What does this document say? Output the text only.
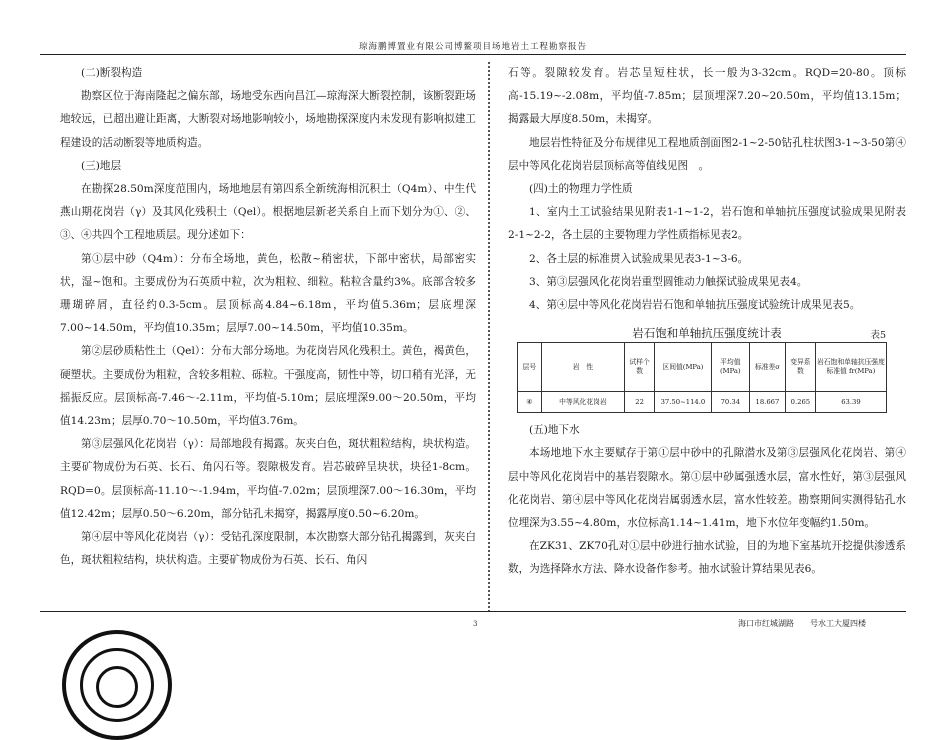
琼海鹏博置业有限公司博鳌项目场地岩土工程勘察报告

(二)断裂构造

勘察区位于海南隆起之偏东部，场地受东西向昌江—琼海深大断裂控制，该断裂距场地较远，已超出避让距离，大断裂对场地影响较小，场地勘探深度内未发现有影响拟建工程建设的活动断裂等地质构造。

(三)地层

在勘探28.50m深度范围内，场地地层有第四系全新统海相沉积土（Q4m）、中生代燕山期花岗岩（γ）及其风化残积土（Qel）。根据地层新老关系自上而下划分为①、②、③、④共四个工程地质层。现分述如下：

第①层中砂（Q4m）：分布全场地，黄色，松散~稍密状，下部中密状，局部密实状，湿~饱和。主要成份为石英质中粒，次为粗粒、细粒。粘粒含量约3%。底部含较多珊瑚碎屑，直径约0.3-5cm。层顶标高4.84~6.18m，平均值5.36m；层底埋深7.00~14.50m，平均值10.35m；层厚7.00~14.50m，平均值10.35m。

第②层砂质粘性土（Qel）：分布大部分场地。为花岗岩风化残积土。黄色，褐黄色，硬塑状。主要成份为粗粒，含较多粗粒、砾粒。干强度高，韧性中等，切口稍有光泽，无摇振反应。层顶标高-7.46～-2.11m，平均值-5.10m；层底埋深9.00～20.50m，平均值14.23m；层厚0.70～10.50m，平均值3.76m。

第③层强风化花岗岩（γ）：局部地段有揭露。灰夹白色，斑状粗粒结构，块状构造。主要矿物成份为石英、长石、角闪石等。裂隙极发育。岩芯破碎呈块状，块径1-8cm。RQD=0。层顶标高-11.10～-1.94m，平均值-7.02m；层顶埋深7.00～16.30m，平均值12.42m；层厚0.50～6.20m，部分钻孔未揭穿，揭露厚度0.50~6.20m。

第④层中等风化花岗岩（γ）：受钻孔深度限制，本次勘察大部分钻孔揭露到，灰夹白色，斑状粗粒结构，块状构造。主要矿物成份为石英、长石、角闪

石等。裂隙较发育。岩芯呈短柱状，长一般为3-32cm。RQD=20-80。顶标高-15.19~-2.08m，平均值-7.85m；层顶埋深7.20~20.50m，平均值13.15m；揭露最大厚度8.50m，未揭穿。

地层岩性特征及分布规律见工程地质剖面图2-1~2-50钻孔柱状图3-1~3-50第④层中等风化花岗岩层顶标高等值线见图　。

(四)土的物理力学性质

1、室内土工试验结果见附表1-1~1-2，岩石饱和单轴抗压强度试验成果见附表2-1~2-2，各土层的主要物理力学性质指标见表2。

2、各土层的标准贯入试验成果见表3-1~3-6。

3、第③层强风化花岗岩重型圆锥动力触探试验成果见表4。

4、第④层中等风化花岗岩岩石饱和单轴抗压强度试验统计成果见表5。

岩石饱和单轴抗压强度统计表	表5
层号	岩　性	试样个数	区间值(MPa)	平均值(MPa)	标准差σ	变异系数	岩石饱和单轴抗压强度标准值 fr(MPa)
④	中等风化花岗岩	22	37.50~114.0	70.34	18.667	0.265	63.39

(五)地下水

本场地地下水主要赋存于第①层中砂中的孔隙潜水及第③层强风化花岗岩、第④层中等风化花岗岩中的基岩裂隙水。第①层中砂属强透水层，富水性好，第③层强风化花岗岩、第④层中等风化花岗岩属弱透水层，富水性较差。勘察期间实测得钻孔水位埋深为3.55~4.80m，水位标高1.14~1.41m，地下水位年变幅约1.50m。

在ZK31、ZK70孔对①层中砂进行抽水试验，目的为地下室基坑开挖提供渗透系数，为选择降水方法、降水设备作参考。抽水试验计算结果见表6。

3	海口市红城湖路　　号水工大厦四楼
